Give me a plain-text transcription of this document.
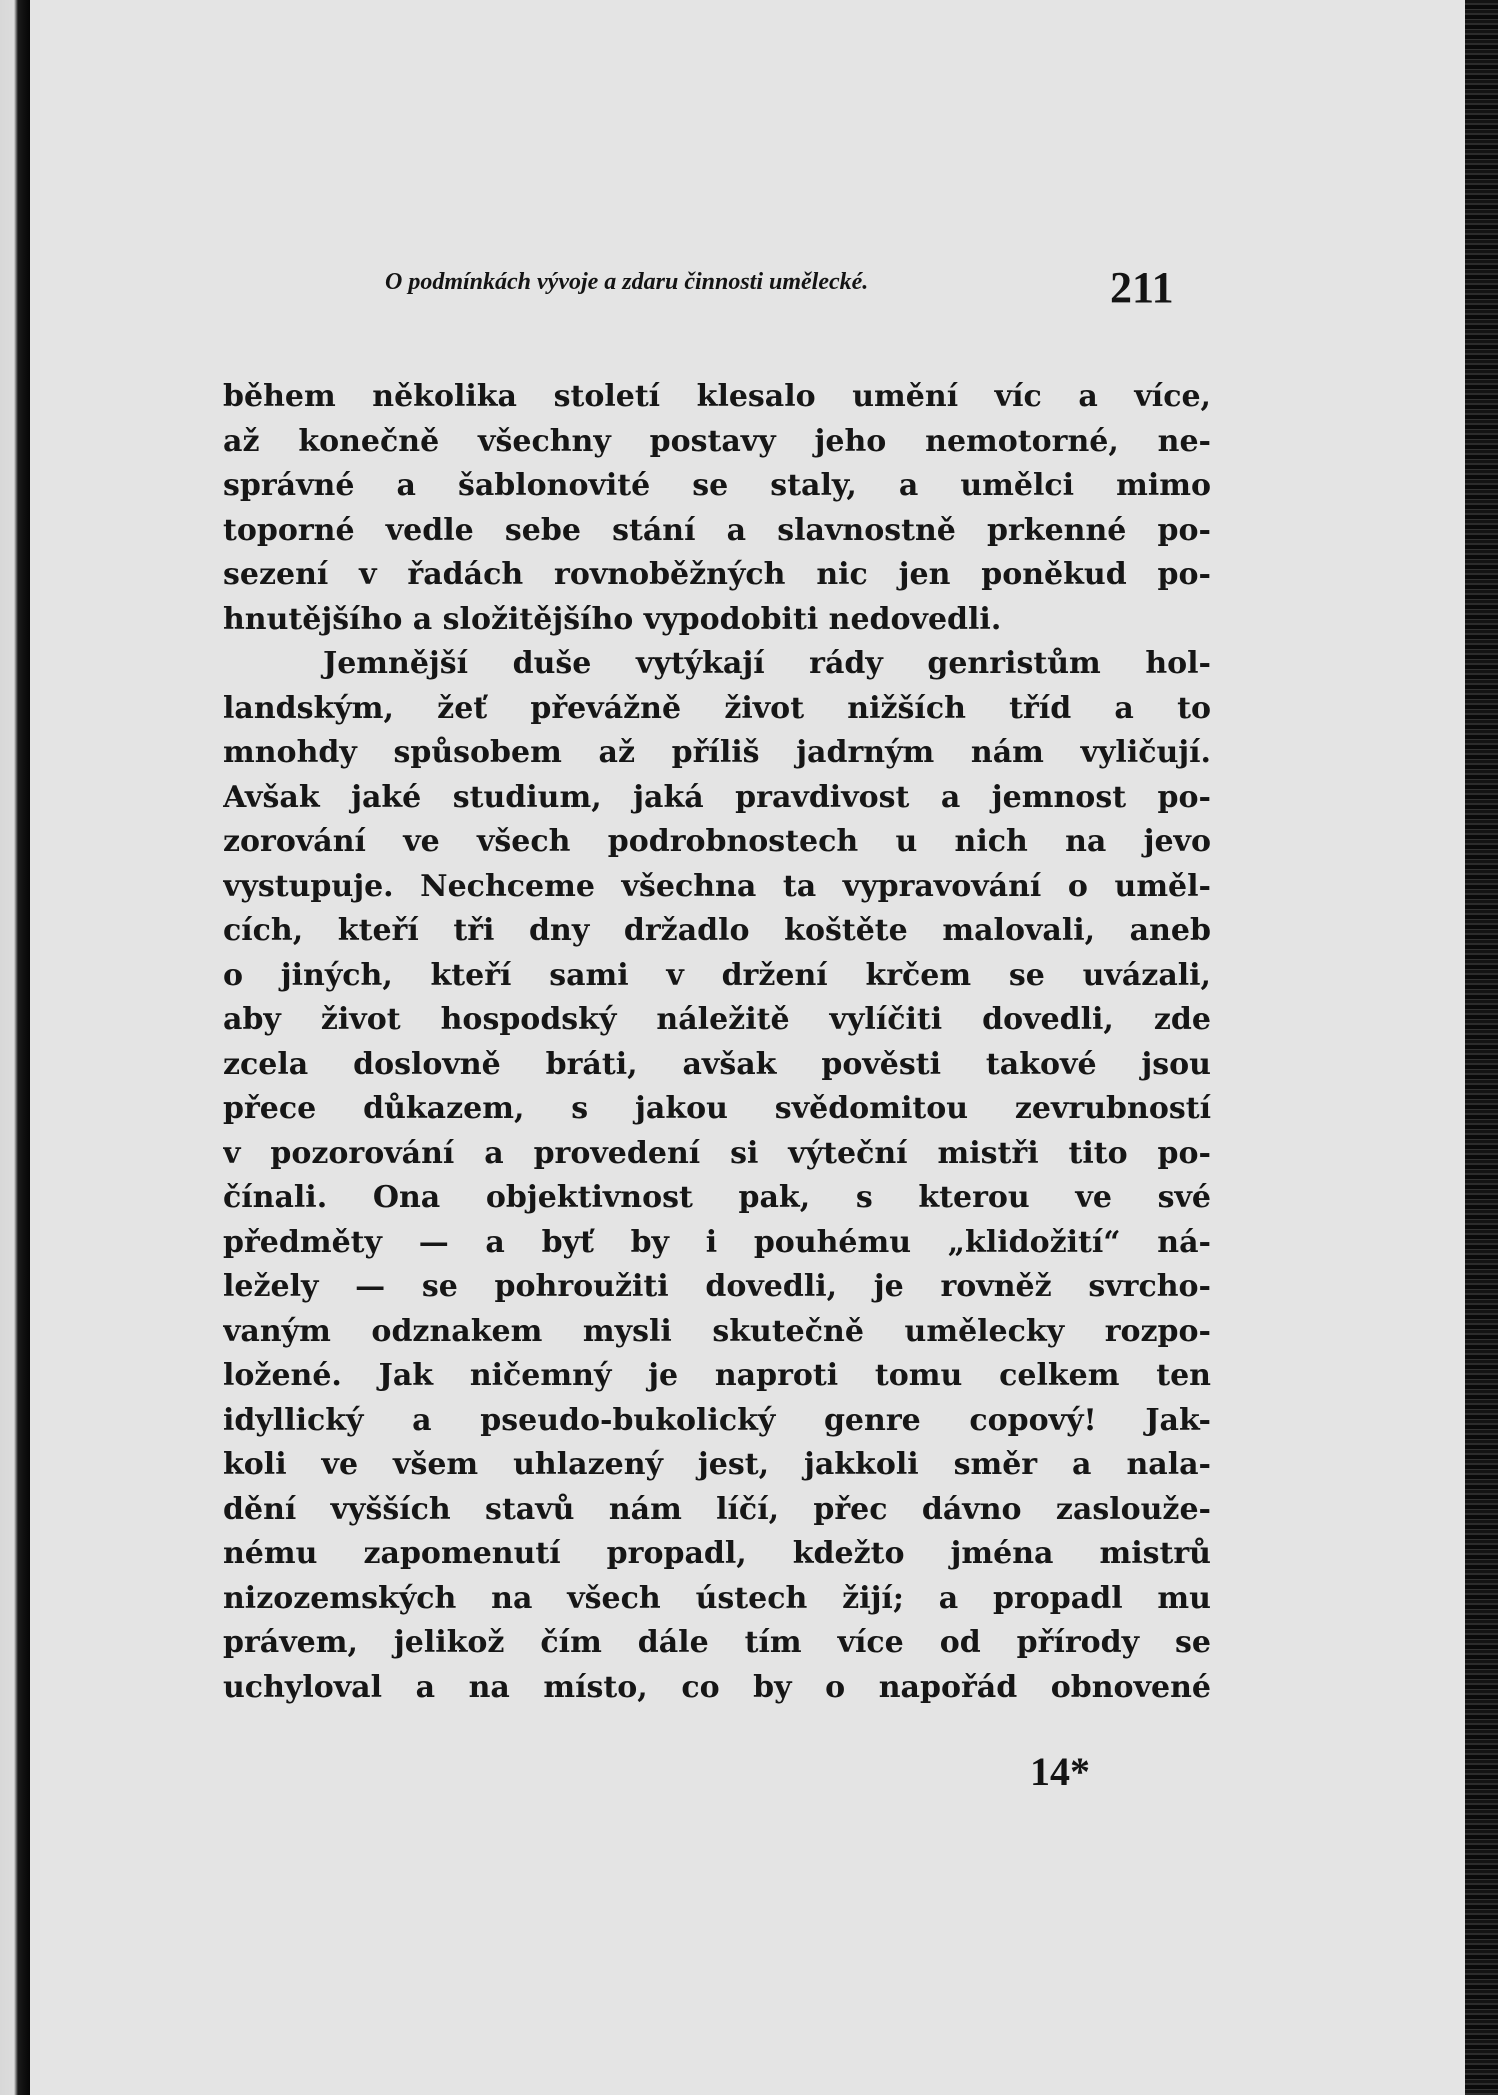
O podmínkách vývoje a zdaru činnosti umělecké.	211
během několika století klesalo umění víc a více,
až konečně všechny postavy jeho nemotorné, ne-
správné a šablonovité se staly, a umělci mimo
toporné vedle sebe stání a slavnostně prkenné po-
sezení v řadách rovnoběžných nic jen poněkud po-
hnutějšího a složitějšího vypodobiti nedovedli.
Jemnější duše vytýkají rády genristům hol-
landským, žeť převážně život nižších tříd a to
mnohdy spůsobem až příliš jadrným nám vyličují.
Avšak jaké studium, jaká pravdivost a jemnost po-
zorování ve všech podrobnostech u nich na jevo
vystupuje. Nechceme všechna ta vypravování o uměl-
cích, kteří tři dny držadlo koštěte malovali, aneb
o jiných, kteří sami v držení krčem se uvázali,
aby život hospodský náležitě vylíčiti dovedli, zde
zcela doslovně bráti, avšak pověsti takové jsou
přece důkazem, s jakou svědomitou zevrubností
v pozorování a provedení si výteční mistři tito po-
čínali. Ona objektivnost pak, s kterou ve své
předměty — a byť by i pouhému „klidožití“ ná-
ležely — se pohroužiti dovedli, je rovněž svrcho-
vaným odznakem mysli skutečně umělecky rozpo-
ložené. Jak ničemný je naproti tomu celkem ten
idyllický a pseudo-bukolický genre copový! Jak-
koli ve všem uhlazený jest, jakkoli směr a nala-
dění vyšších stavů nám líčí, přec dávno zaslouže-
nému zapomenutí propadl, kdežto jména mistrů
nizozemských na všech ústech žijí; a propadl mu
právem, jelikož čím dále tím více od přírody se
uchyloval a na místo, co by o napořád obnovené
14*
